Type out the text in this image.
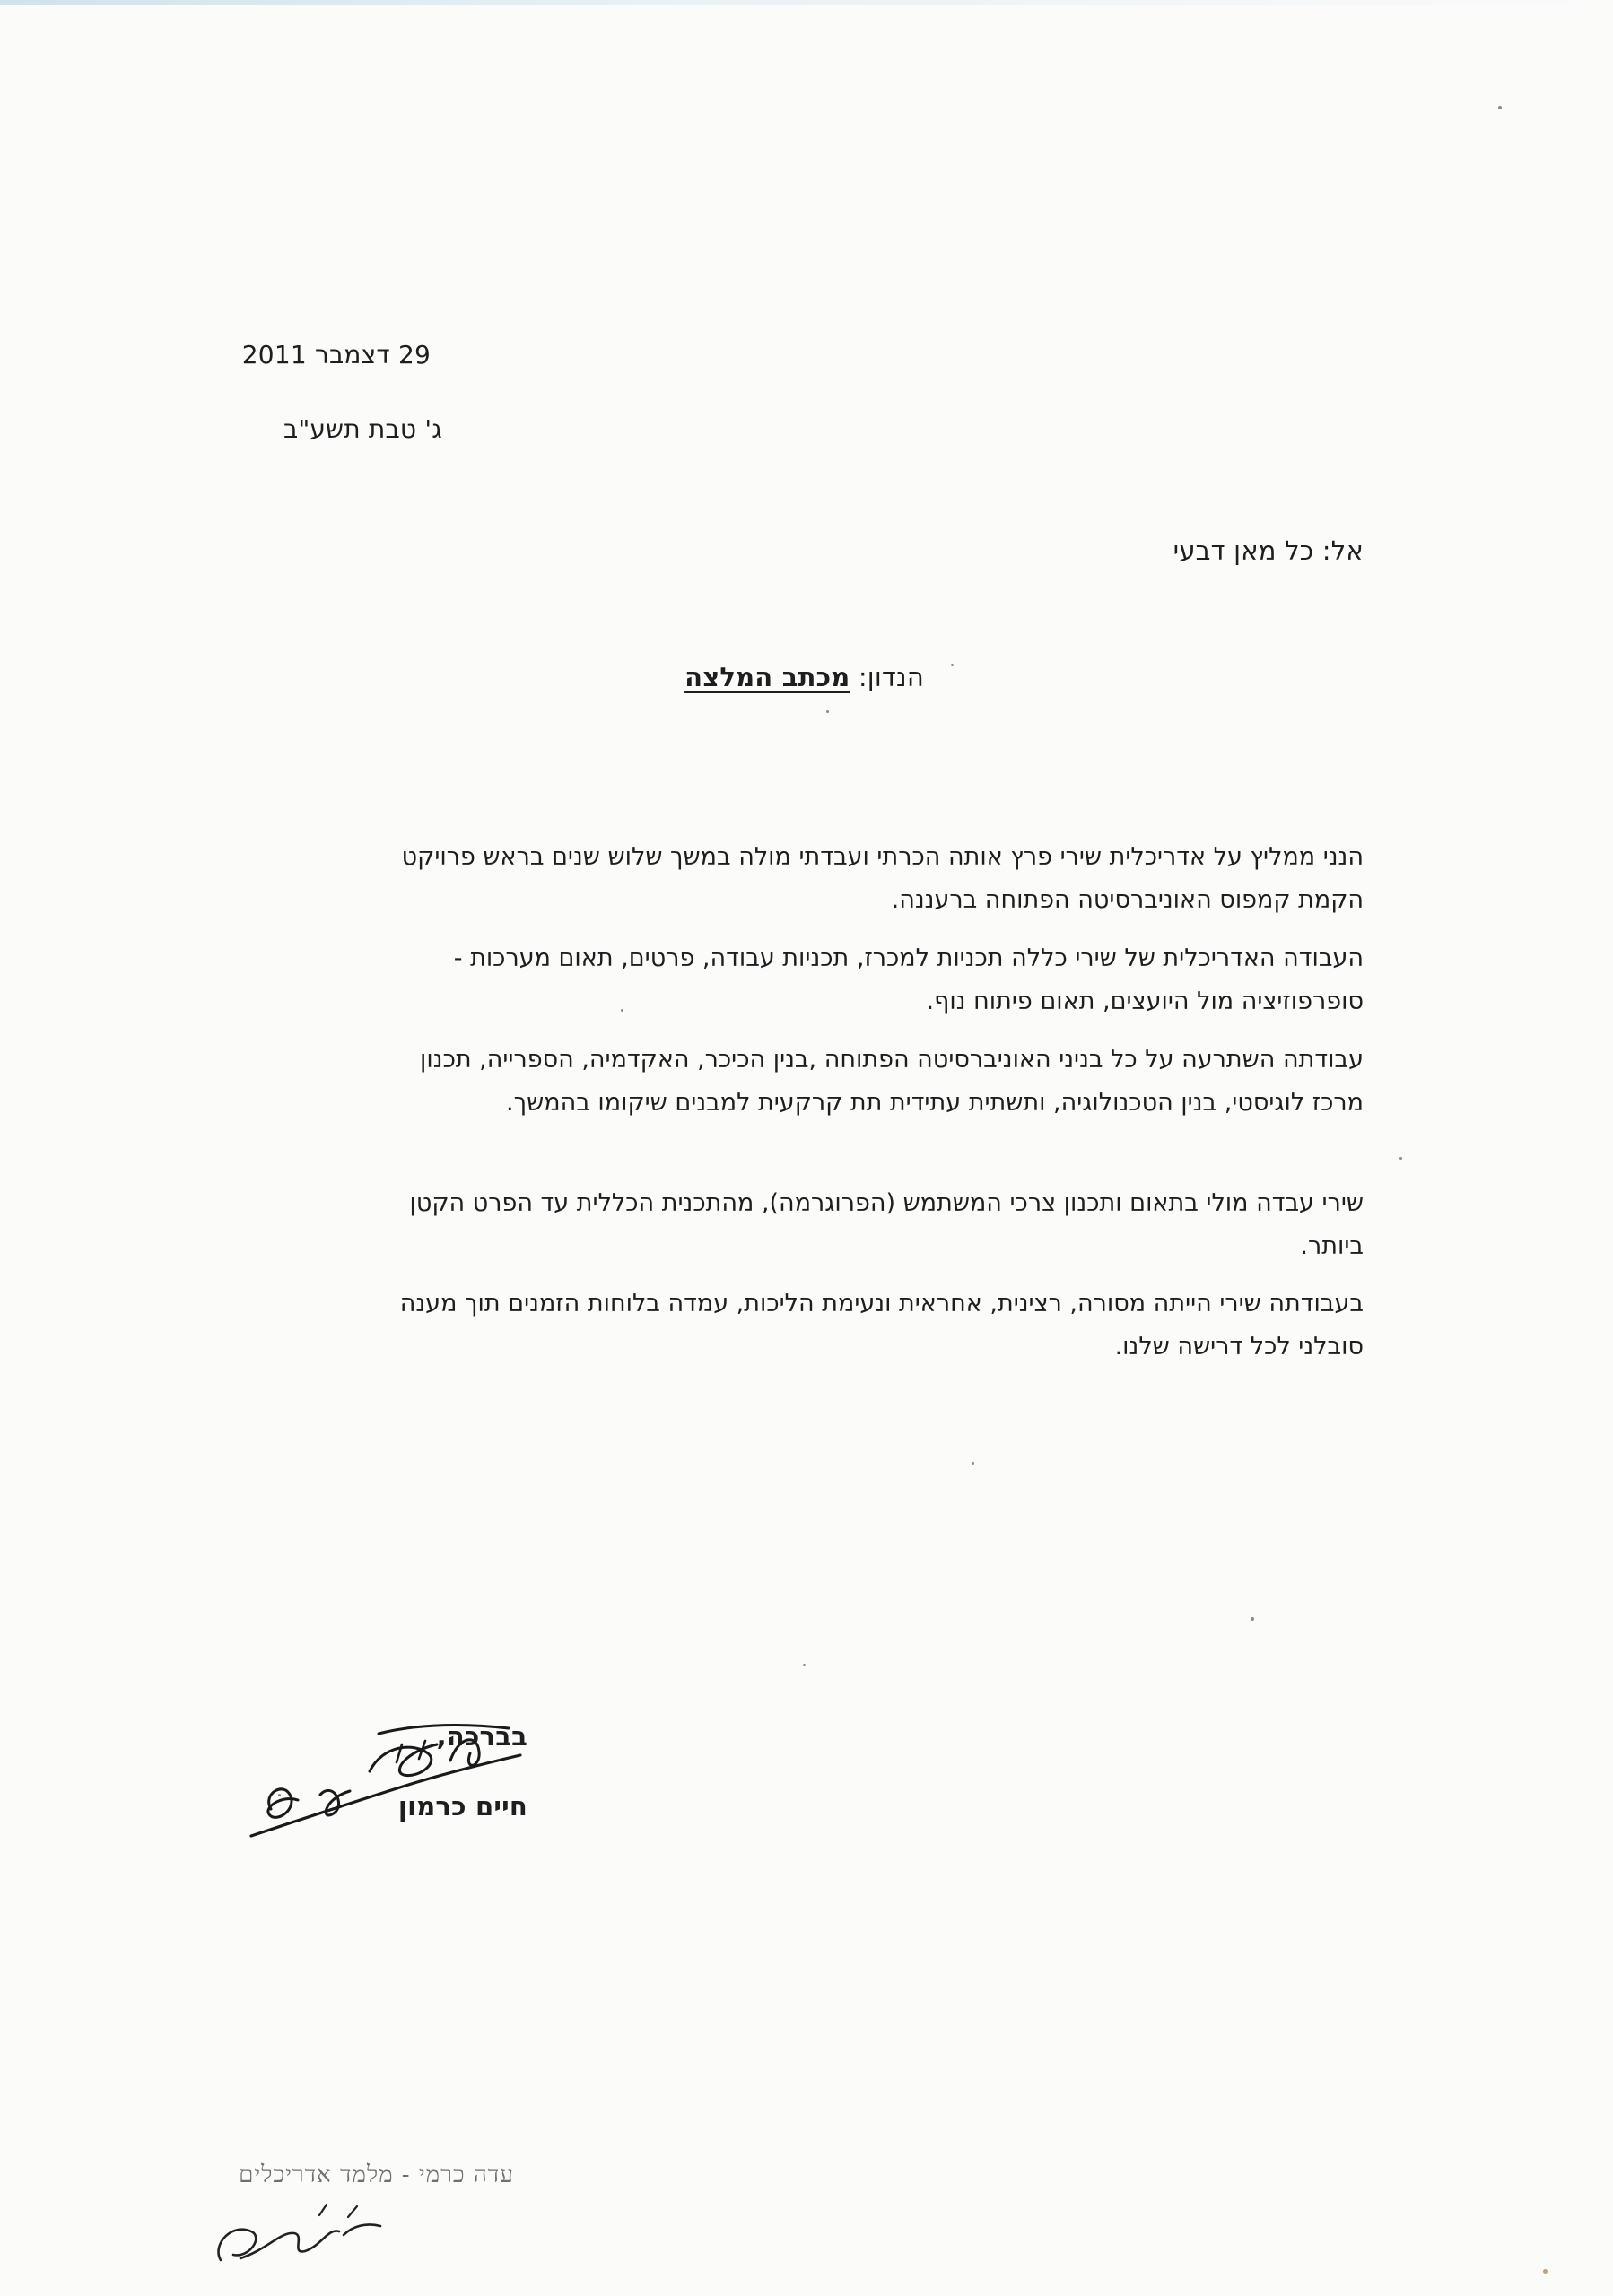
29 דצמבר 2011
ג' טבת תשע"ב
אל: כל מאן דבעי
הנדון: מכתב המלצה
הנני ממליץ על אדריכלית שירי פרץ אותה הכרתי ועבדתי מולה במשך שלוש שנים בראש פרויקט
הקמת קמפוס האוניברסיטה הפתוחה ברעננה.
העבודה האדריכלית של שירי כללה תכניות למכרז, תכניות עבודה, פרטים, תאום מערכות -
סופרפוזיציה מול היועצים, תאום פיתוח נוף.
עבודתה השתרעה על כל בניני האוניברסיטה הפתוחה ,בנין הכיכר, האקדמיה, הספרייה, תכנון
מרכז לוגיסטי, בנין הטכנולוגיה, ותשתית עתידית תת קרקעית למבנים שיקומו בהמשך.
שירי עבדה מולי בתאום ותכנון צרכי המשתמש (הפרוגרמה), מהתכנית הכללית עד הפרט הקטן
ביותר.
בעבודתה שירי הייתה מסורה, רצינית, אחראית ונעימת הליכות, עמדה בלוחות הזמנים תוך מענה
סובלני לכל דרישה שלנו.
בברכה,
חיים כרמון
עדה כרמי - מלמד אדריכלים
